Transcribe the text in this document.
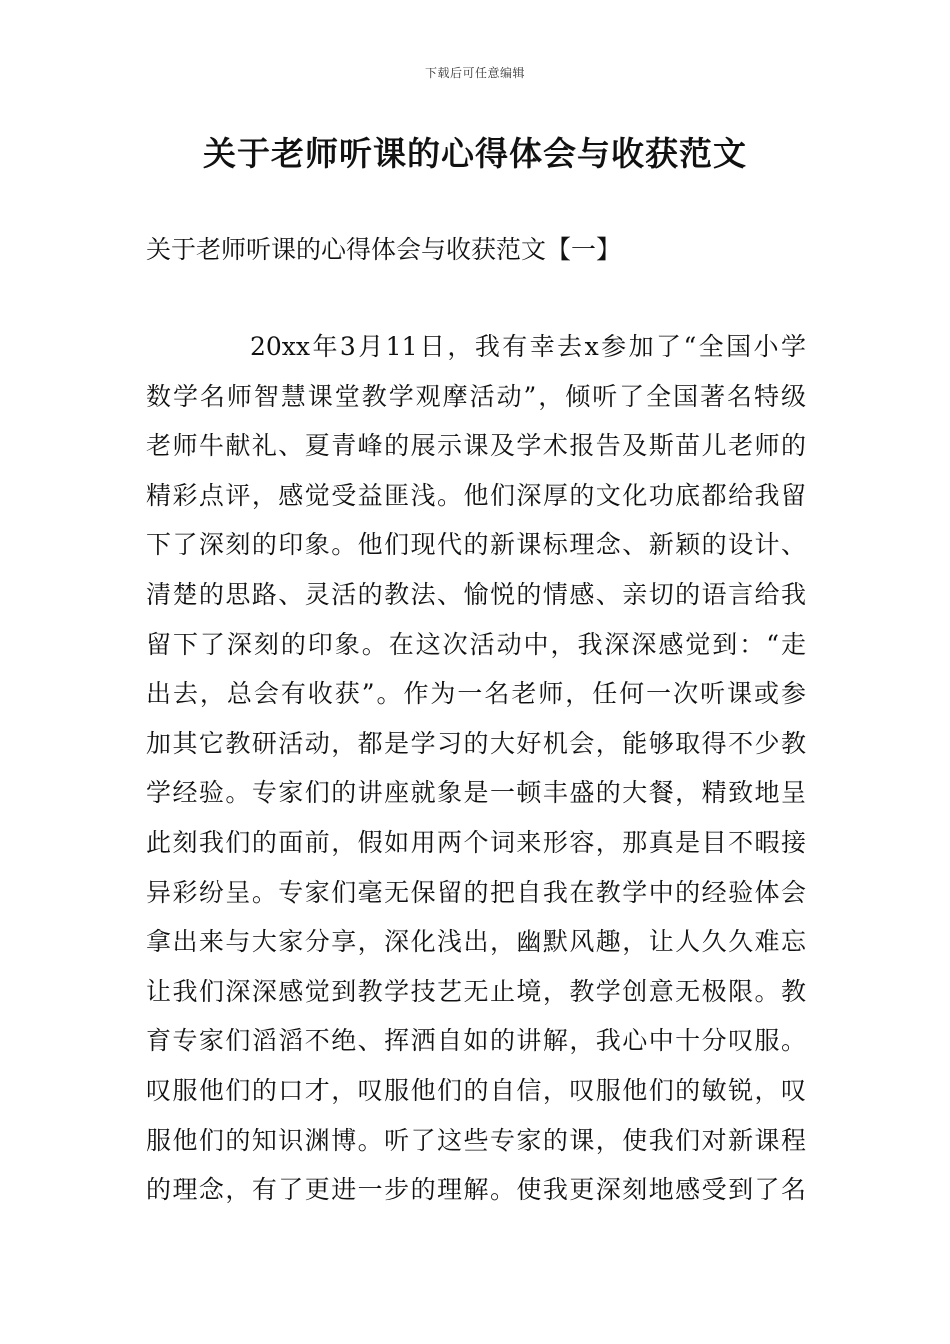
下载后可任意编辑
关于老师听课的心得体会与收获范文
关于老师听课的心得体会与收获范文【一】
20xx年3月11日，我有幸去x参加了“全国小学
数学名师智慧课堂教学观摩活动”，倾听了全国著名特级
老师牛献礼、夏青峰的展示课及学术报告及斯苗儿老师的
精彩点评，感觉受益匪浅。他们深厚的文化功底都给我留
下了深刻的印象。他们现代的新课标理念、新颖的设计、
清楚的思路、灵活的教法、愉悦的情感、亲切的语言给我
留下了深刻的印象。在这次活动中，我深深感觉到：“走
出去，总会有收获”。作为一名老师，任何一次听课或参
加其它教研活动，都是学习的大好机会，能够取得不少教
学经验。专家们的讲座就象是一顿丰盛的大餐，精致地呈
此刻我们的面前，假如用两个词来形容，那真是目不暇接
异彩纷呈。专家们毫无保留的把自我在教学中的经验体会
拿出来与大家分享，深化浅出，幽默风趣，让人久久难忘
让我们深深感觉到教学技艺无止境，教学创意无极限。教
育专家们滔滔不绝、挥洒自如的讲解，我心中十分叹服。
叹服他们的口才，叹服他们的自信，叹服他们的敏锐，叹
服他们的知识渊博。听了这些专家的课，使我们对新课程
的理念，有了更进一步的理解。使我更深刻地感受到了名
